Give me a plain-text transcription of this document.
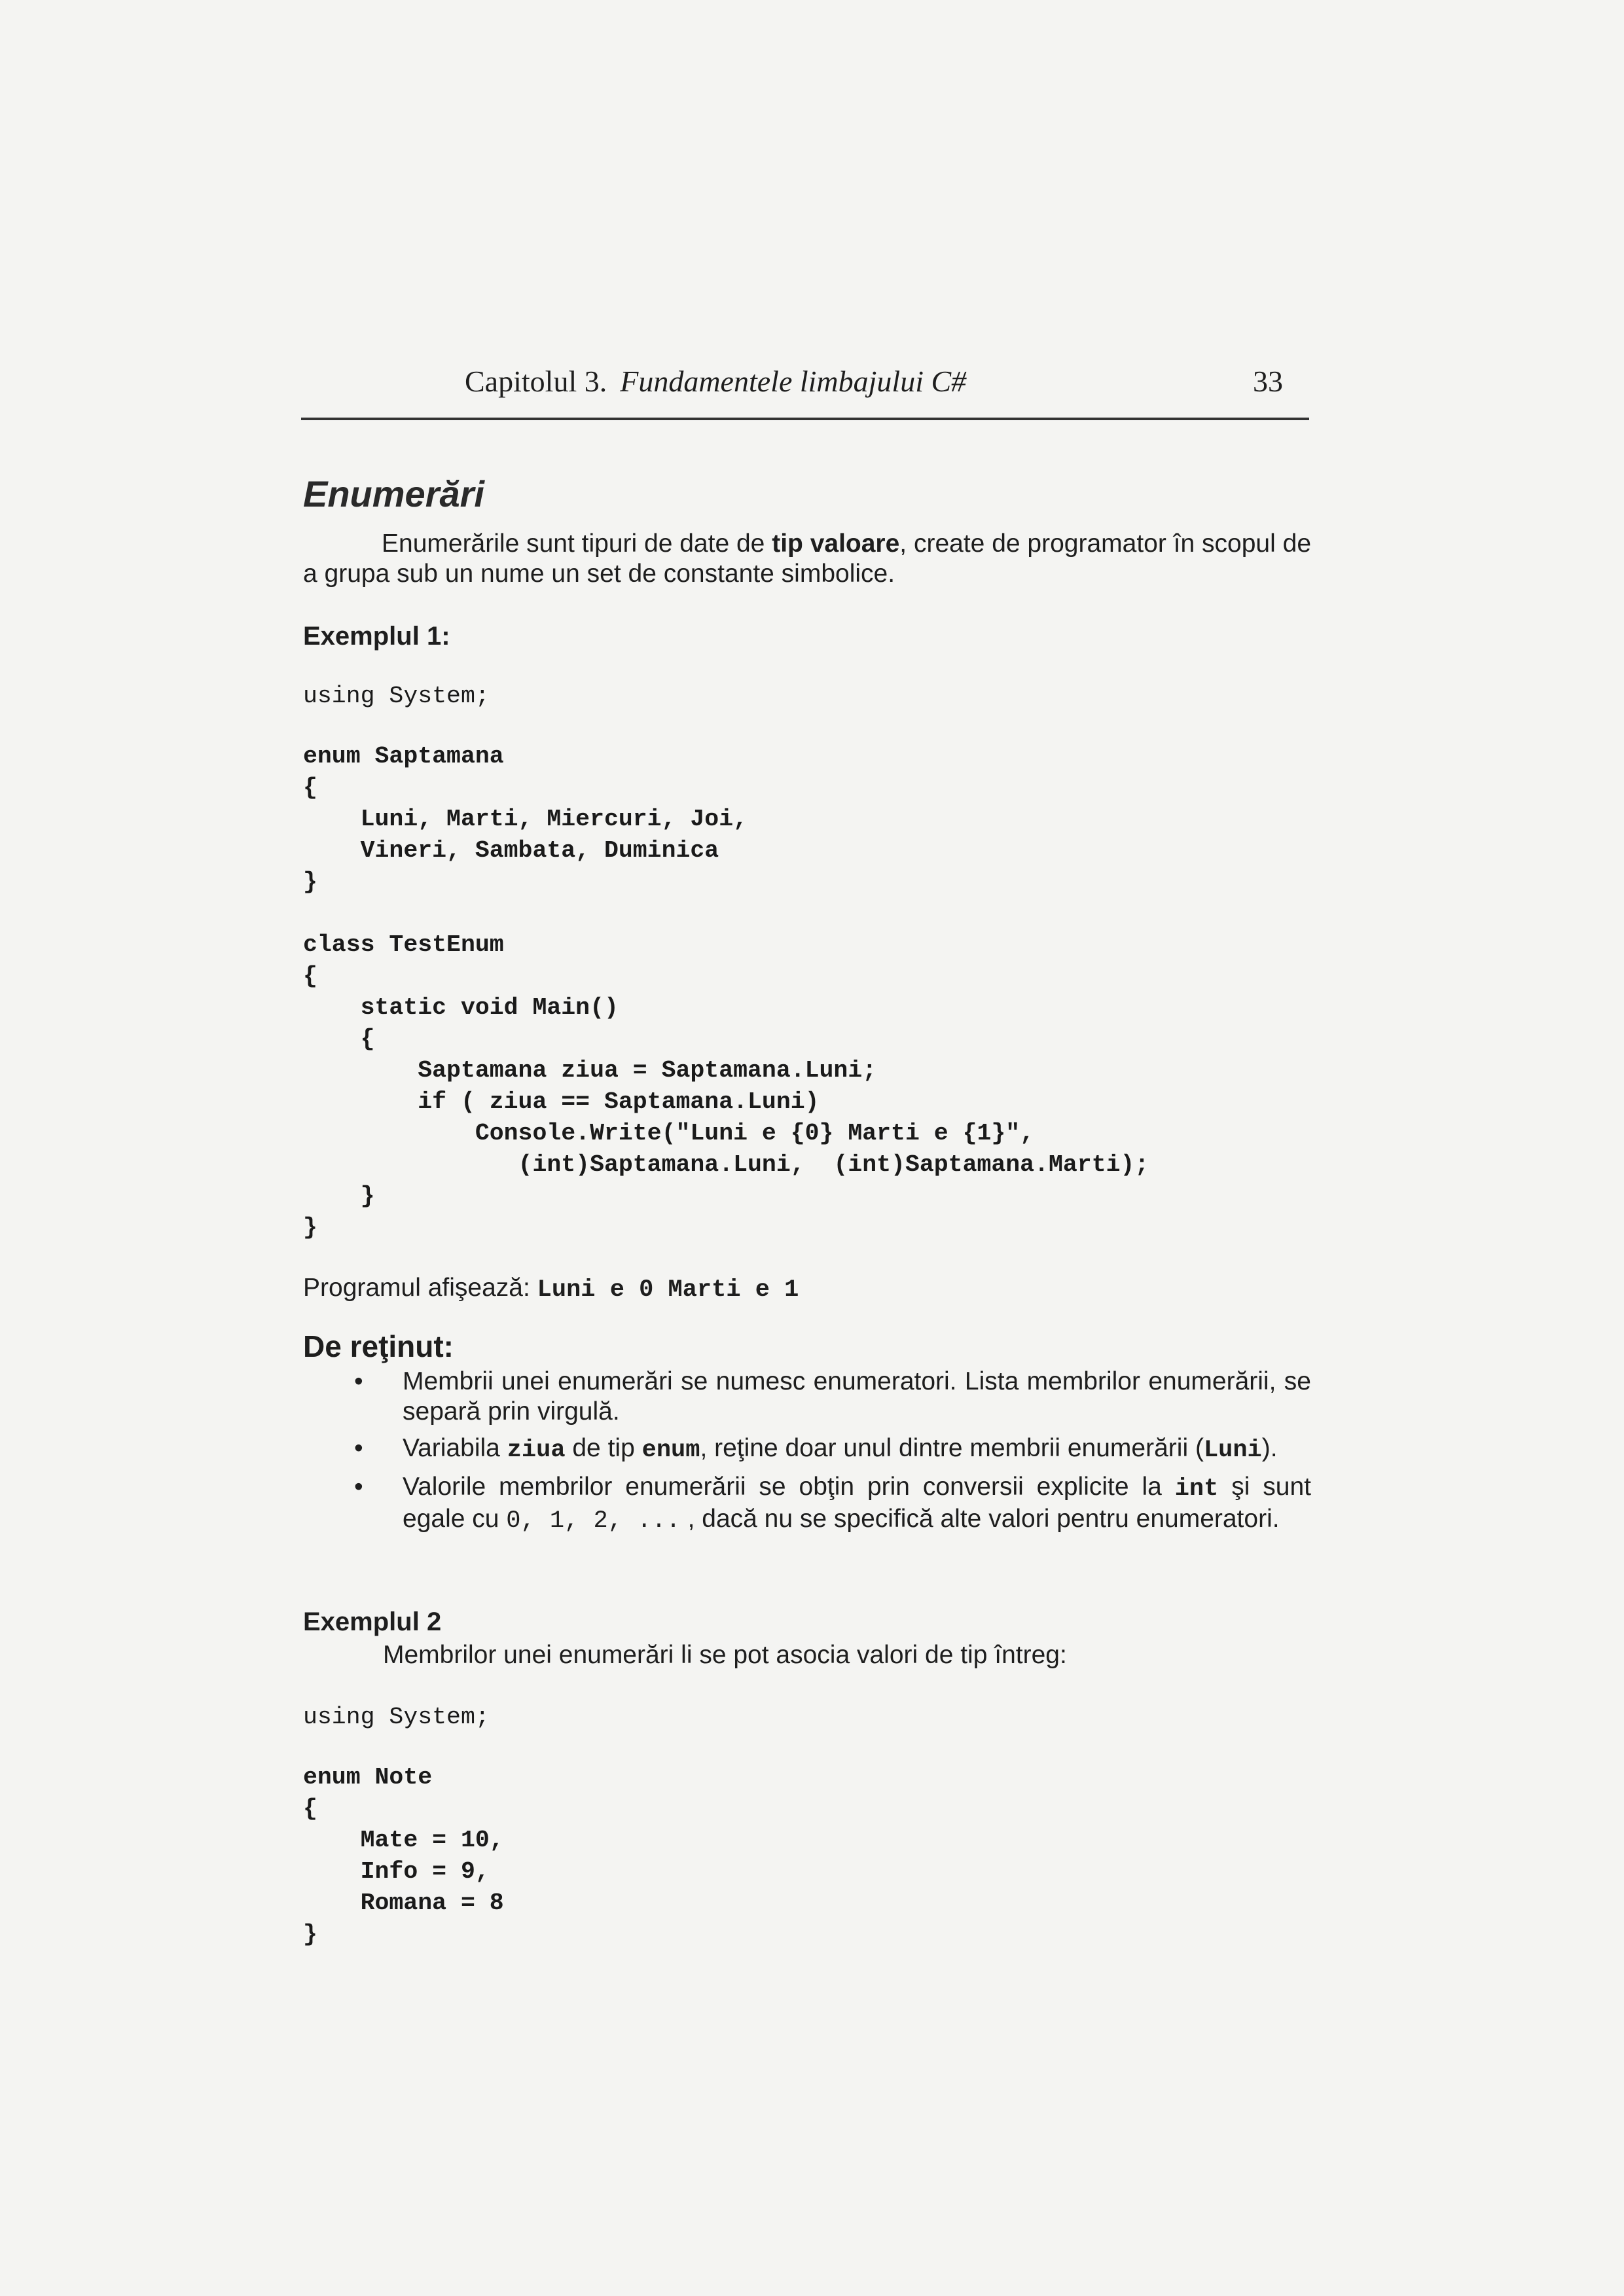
Capitolul 3. Fundamentele limbajului C#	33
Enumerări
Enumerările sunt tipuri de date de tip valoare, create de programator în scopul de a grupa sub un nume un set de constante simbolice.
Exemplul 1:
using System;
enum Saptamana
{
Luni, Marti, Miercuri, Joi,
Vineri, Sambata, Duminica
}

class TestEnum
{
static void Main()
{
Saptamana ziua = Saptamana.Luni;
if ( ziua == Saptamana.Luni)
Console.Write("Luni e {0} Marti e {1}",
(int)Saptamana.Luni,  (int)Saptamana.Marti);
}
}
Programul afişează: Luni e 0 Marti e 1
De reţinut:
• Membrii unei enumerări se numesc enumeratori. Lista membrilor enumerării, se separă prin virgulă.
• Variabila ziua de tip enum, reţine doar unul dintre membrii enumerării (Luni).
• Valorile membrilor enumerării se obţin prin conversii explicite la int şi sunt egale cu 0, 1, 2, ... , dacă nu se specifică alte valori pentru enumeratori.
Exemplul 2
Membrilor unei enumerări li se pot asocia valori de tip întreg:
using System;
enum Note
{
Mate = 10,
Info = 9,
Romana = 8
}
